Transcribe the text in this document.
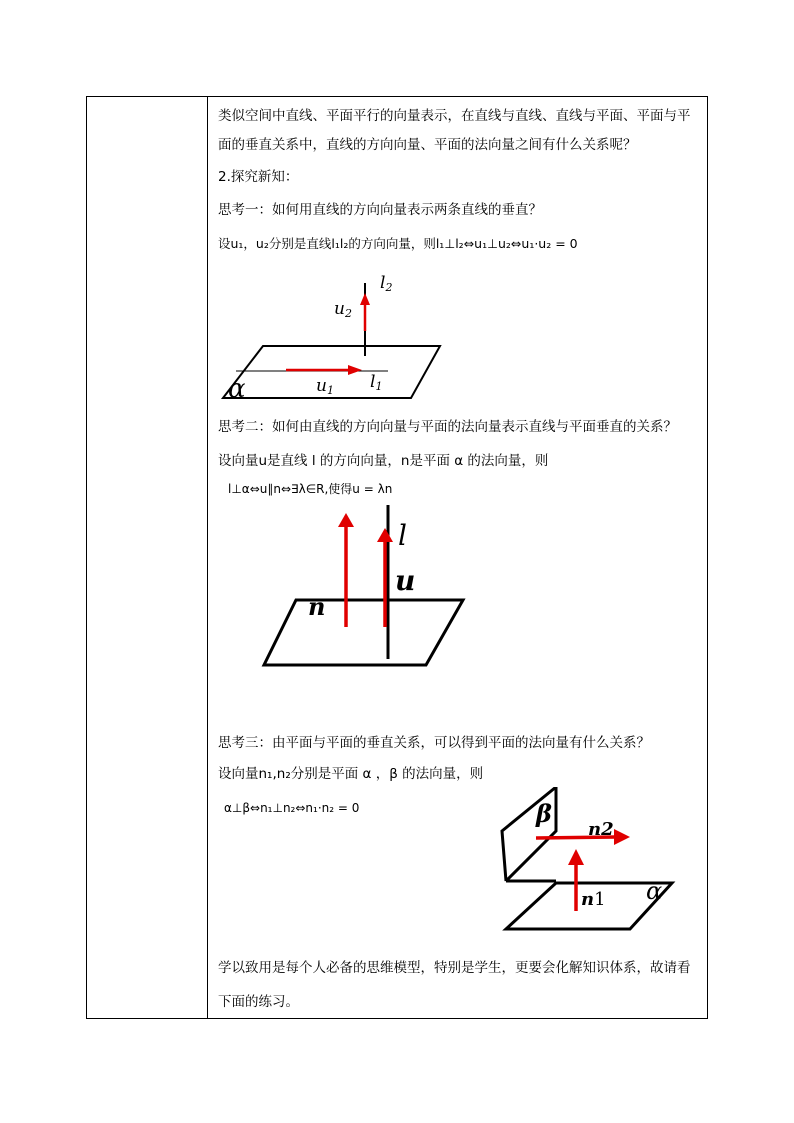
类似空间中直线、平面平行的向量表示，在直线与直线、直线与平面、平面与平
面的垂直关系中，直线的方向向量、平面的法向量之间有什么关系呢？
2.探究新知：
思考一：如何用直线的方向向量表示两条直线的垂直？
设u₁，u₂分别是直线l₁l₂的方向向量，则l₁⊥l₂⇔u₁⊥u₂⇔u₁·u₂ = 0
l2
u2
u1 l1
α
思考二：如何由直线的方向向量与平面的法向量表示直线与平面垂直的关系？
设向量u是直线 l 的方向向量，n是平面 α 的法向量，则
l⊥α⇔u∥n⇔∃λ∈R,使得u = λn
l
u
n
思考三：由平面与平面的垂直关系，可以得到平面的法向量有什么关系？
设向量n₁,n₂分别是平面 α ，β 的法向量，则
α⊥β⇔n₁⊥n₂⇔n₁·n₂ = 0	β
n2
n1 α
学以致用是每个人必备的思维模型，特别是学生，更要会化解知识体系，故请看
下面的练习。
